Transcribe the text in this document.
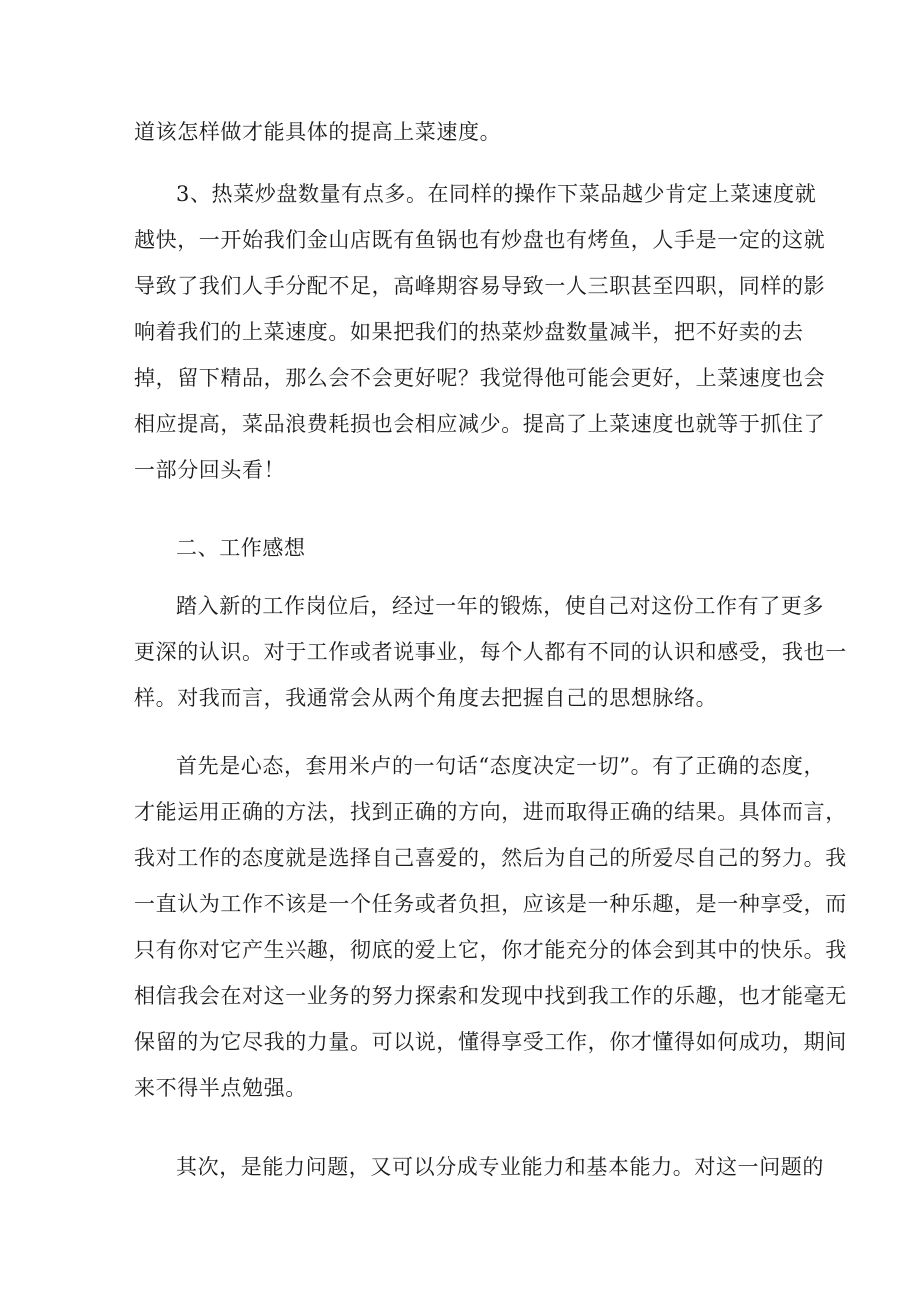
道该怎样做才能具体的提高上菜速度。
3、热菜炒盘数量有点多。在同样的操作下菜品越少肯定上菜速度就
越快，一开始我们金山店既有鱼锅也有炒盘也有烤鱼，人手是一定的这就
导致了我们人手分配不足，高峰期容易导致一人三职甚至四职，同样的影
响着我们的上菜速度。如果把我们的热菜炒盘数量减半，把不好卖的去
掉，留下精品，那么会不会更好呢？我觉得他可能会更好，上菜速度也会
相应提高，菜品浪费耗损也会相应减少。提高了上菜速度也就等于抓住了
一部分回头看！
二、工作感想
踏入新的工作岗位后，经过一年的锻炼，使自己对这份工作有了更多
更深的认识。对于工作或者说事业，每个人都有不同的认识和感受，我也一
样。对我而言，我通常会从两个角度去把握自己的思想脉络。
首先是心态，套用米卢的一句话“态度决定一切”。有了正确的态度，
才能运用正确的方法，找到正确的方向，进而取得正确的结果。具体而言，
我对工作的态度就是选择自己喜爱的，然后为自己的所爱尽自己的努力。我
一直认为工作不该是一个任务或者负担，应该是一种乐趣，是一种享受，而
只有你对它产生兴趣，彻底的爱上它，你才能充分的体会到其中的快乐。我
相信我会在对这一业务的努力探索和发现中找到我工作的乐趣，也才能毫无
保留的为它尽我的力量。可以说，懂得享受工作，你才懂得如何成功，期间
来不得半点勉强。
其次，是能力问题，又可以分成专业能力和基本能力。对这一问题的
